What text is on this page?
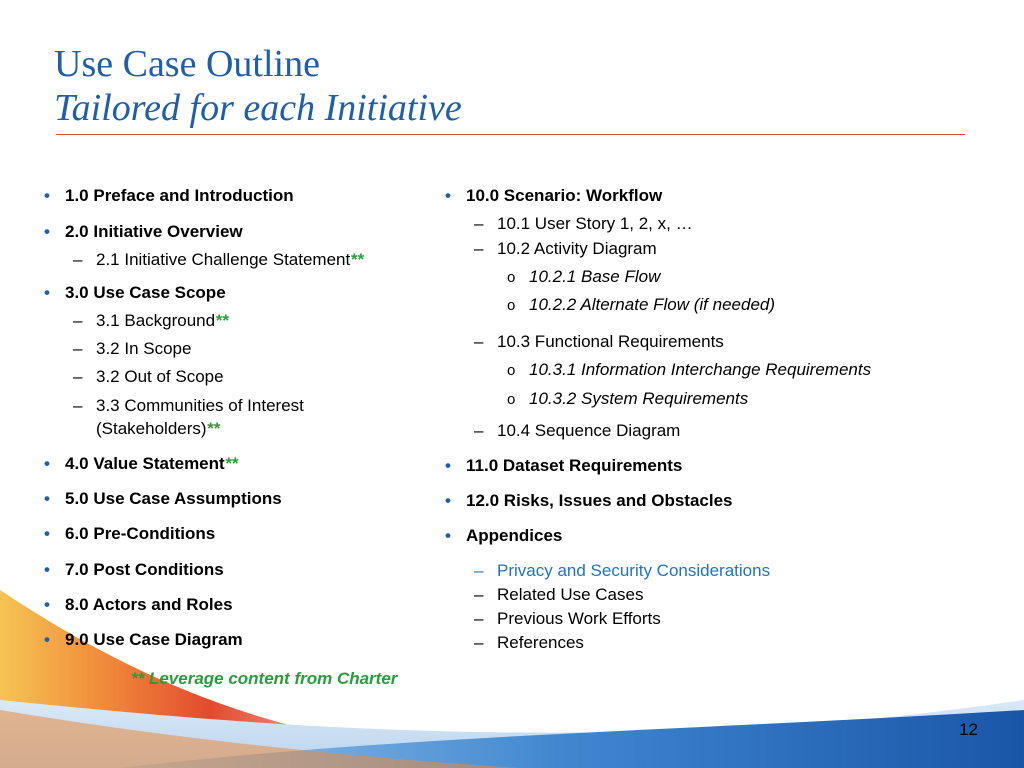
Use Case Outline
Tailored for each Initiative
• 1.0 Preface and Introduction
• 2.0 Initiative Overview
– 2.1 Initiative Challenge Statement**
• 3.0 Use Case Scope
– 3.1 Background**
– 3.2 In Scope
– 3.2 Out of Scope
– 3.3 Communities of Interest
(Stakeholders)**
• 4.0 Value Statement**
• 5.0 Use Case Assumptions
• 6.0 Pre-Conditions
• 7.0 Post Conditions
• 8.0 Actors and Roles
• 9.0 Use Case Diagram
• 10.0 Scenario: Workflow
– 10.1 User Story 1, 2, x, …
– 10.2 Activity Diagram
o 10.2.1 Base Flow
o 10.2.2 Alternate Flow (if needed)
– 10.3 Functional Requirements
o 10.3.1 Information Interchange Requirements
o 10.3.2 System Requirements
– 10.4 Sequence Diagram
• 11.0 Dataset Requirements
• 12.0 Risks, Issues and Obstacles
• Appendices
– Privacy and Security Considerations
– Related Use Cases
– Previous Work Efforts
– References
** Leverage content from Charter
12
